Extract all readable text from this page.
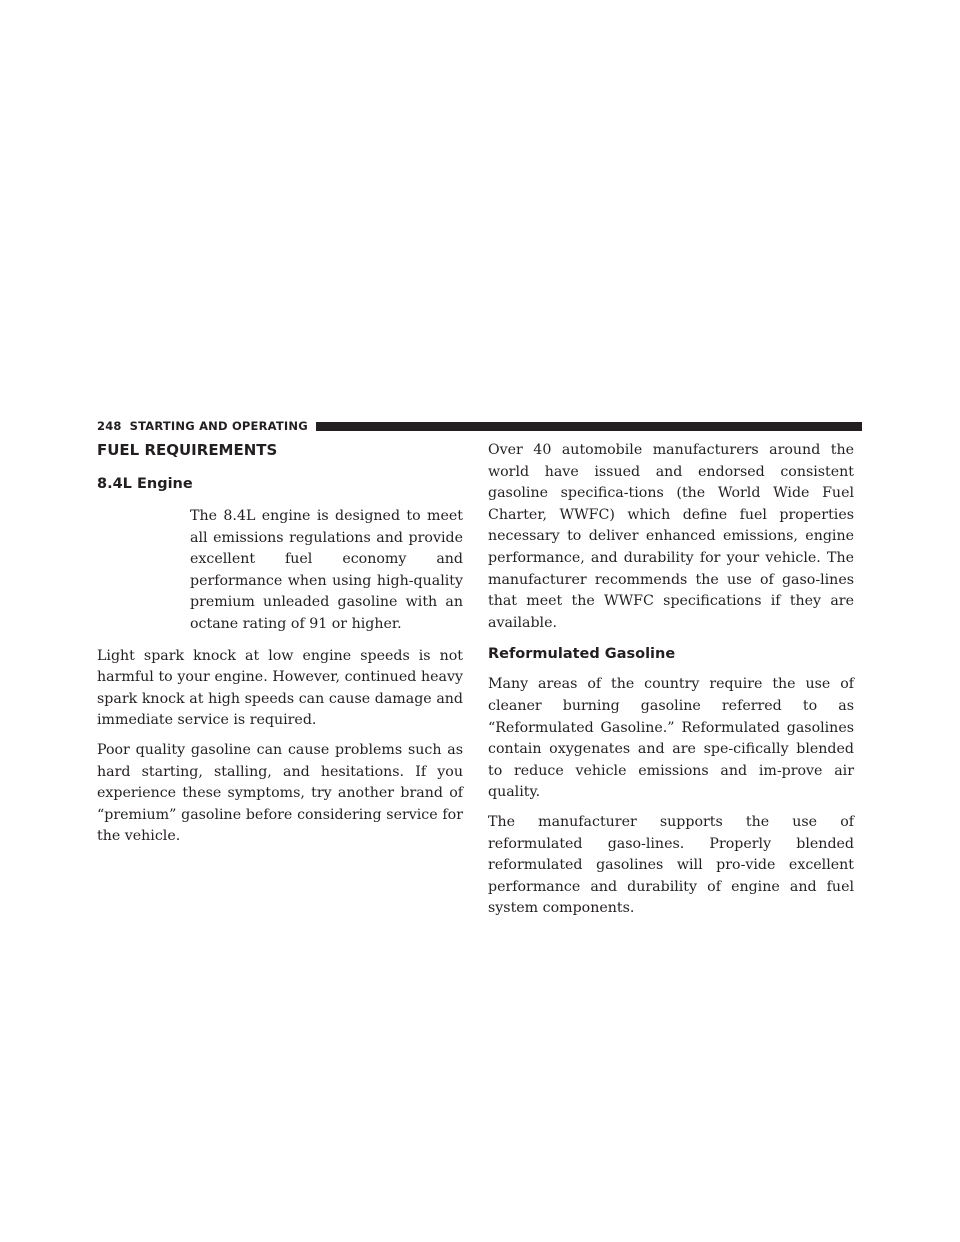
248 STARTING AND OPERATING
FUEL REQUIREMENTS
8.4L Engine

The 8.4L engine is designed to meet all emissions regulations and provide excellent fuel economy and performance when using high-quality premium unleaded gasoline with an octane rating of 91 or higher.

Light spark knock at low engine speeds is not harmful to your engine. However, continued heavy spark knock at high speeds can cause damage and immediate service is required.

Poor quality gasoline can cause problems such as hard starting, stalling, and hesitations. If you experience these symptoms, try another brand of “premium” gasoline before considering service for the vehicle.

Over 40 automobile manufacturers around the world have issued and endorsed consistent gasoline specifica-tions (the World Wide Fuel Charter, WWFC) which define fuel properties necessary to deliver enhanced emissions, engine performance, and durability for your vehicle. The manufacturer recommends the use of gaso-lines that meet the WWFC specifications if they are available.

Reformulated Gasoline

Many areas of the country require the use of cleaner burning gasoline referred to as “Reformulated Gasoline.” Reformulated gasolines contain oxygenates and are spe-cifically blended to reduce vehicle emissions and im-prove air quality.

The manufacturer supports the use of reformulated gaso-lines. Properly blended reformulated gasolines will pro-vide excellent performance and durability of engine and fuel system components.
